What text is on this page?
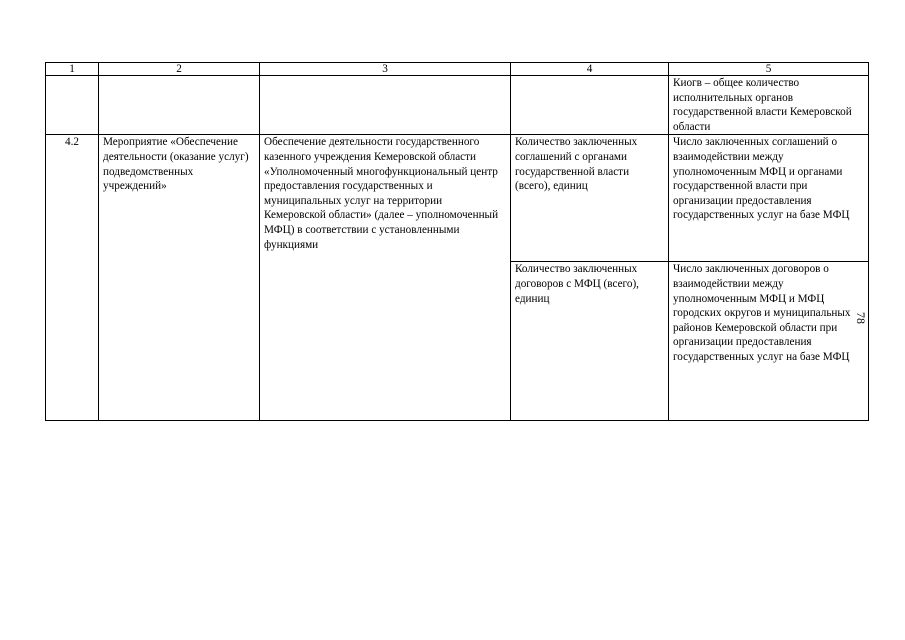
1	2	3	4	5

				Киогв – общее количество исполнительных органов государственной власти Кемеровской области

4.2	Мероприятие «Обеспечение деятельности (оказание услуг) подведомственных учреждений»	Обеспечение деятельности государственного казенного учреждения Кемеровской области «Уполномоченный многофункциональный центр предоставления государственных и муниципальных услуг на территории Кемеровской области» (далее – уполномоченный МФЦ) в соответствии с установленными функциями	Количество заключенных соглашений с органами государственной власти (всего), единиц	Число заключенных соглашений о взаимодействии между уполномоченным МФЦ и органами государственной власти при организации предоставления государственных услуг на базе МФЦ

			Количество заключенных договоров с МФЦ (всего), единиц	Число заключенных договоров о взаимодействии между уполномоченным МФЦ и МФЦ городских округов и муниципальных районов Кемеровской области при организации предоставления государственных услуг на базе МФЦ
78
